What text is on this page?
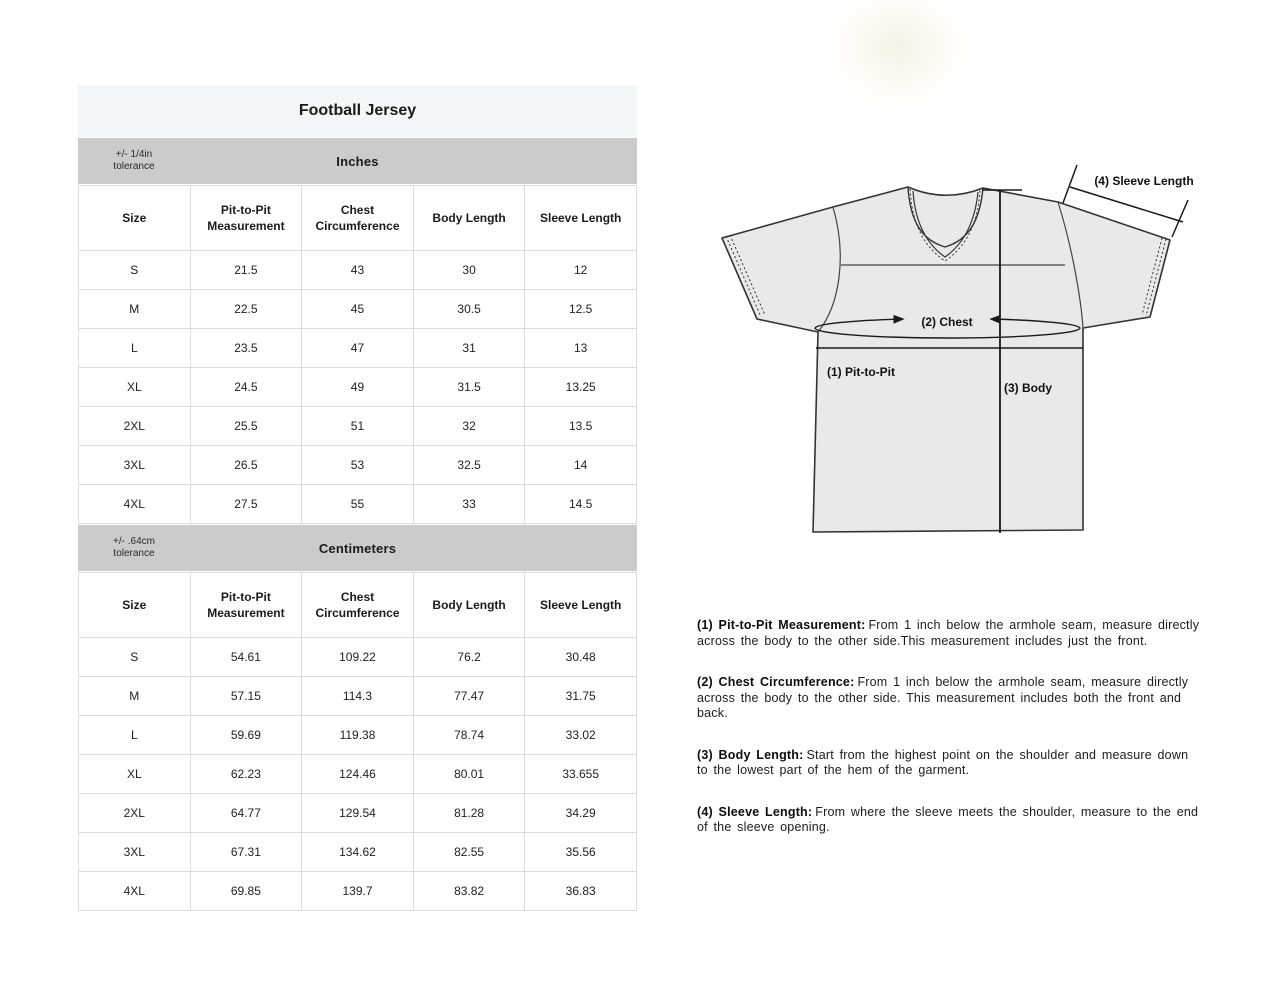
Football Jersey
+/- 1/4in tolerance	Inches
Size	Pit-to-Pit Measurement	Chest Circumference	Body Length	Sleeve Length
S	21.5	43	30	12
M	22.5	45	30.5	12.5
L	23.5	47	31	13
XL	24.5	49	31.5	13.25
2XL	25.5	51	32	13.5
3XL	26.5	53	32.5	14
4XL	27.5	55	33	14.5
+/- .64cm tolerance	Centimeters
Size	Pit-to-Pit Measurement	Chest Circumference	Body Length	Sleeve Length
S	54.61	109.22	76.2	30.48
M	57.15	114.3	77.47	31.75
L	59.69	119.38	78.74	33.02
XL	62.23	124.46	80.01	33.655
2XL	64.77	129.54	81.28	34.29
3XL	67.31	134.62	82.55	35.56
4XL	69.85	139.7	83.82	36.83
(4) Sleeve Length
(2) Chest
(1) Pit-to-Pit
(3) Body

(1) Pit-to-Pit Measurement: From 1 inch below the armhole seam, measure directly across the body to the other side.This measurement includes just the front.

(2) Chest Circumference: From 1 inch below the armhole seam, measure directly across the body to the other side. This measurement includes both the front and back.

(3) Body Length: Start from the highest point on the shoulder and measure down to the lowest part of the hem of the garment.

(4) Sleeve Length: From where the sleeve meets the shoulder, measure to the end of the sleeve opening.
